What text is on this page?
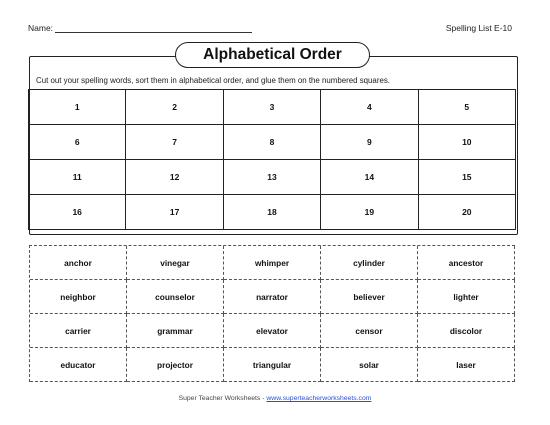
Name:	Spelling List E-10
Alphabetical Order
Cut out your spelling words, sort them in alphabetical order, and glue them on the numbered squares.
1	2	3	4	5
6	7	8	9	10
11	12	13	14	15
16	17	18	19	20
anchor	vinegar	whimper	cylinder	ancestor
neighbor	counselor	narrator	believer	lighter
carrier	grammar	elevator	censor	discolor
educator	projector	triangular	solar	laser
Super Teacher Worksheets - www.superteacherworksheets.com
